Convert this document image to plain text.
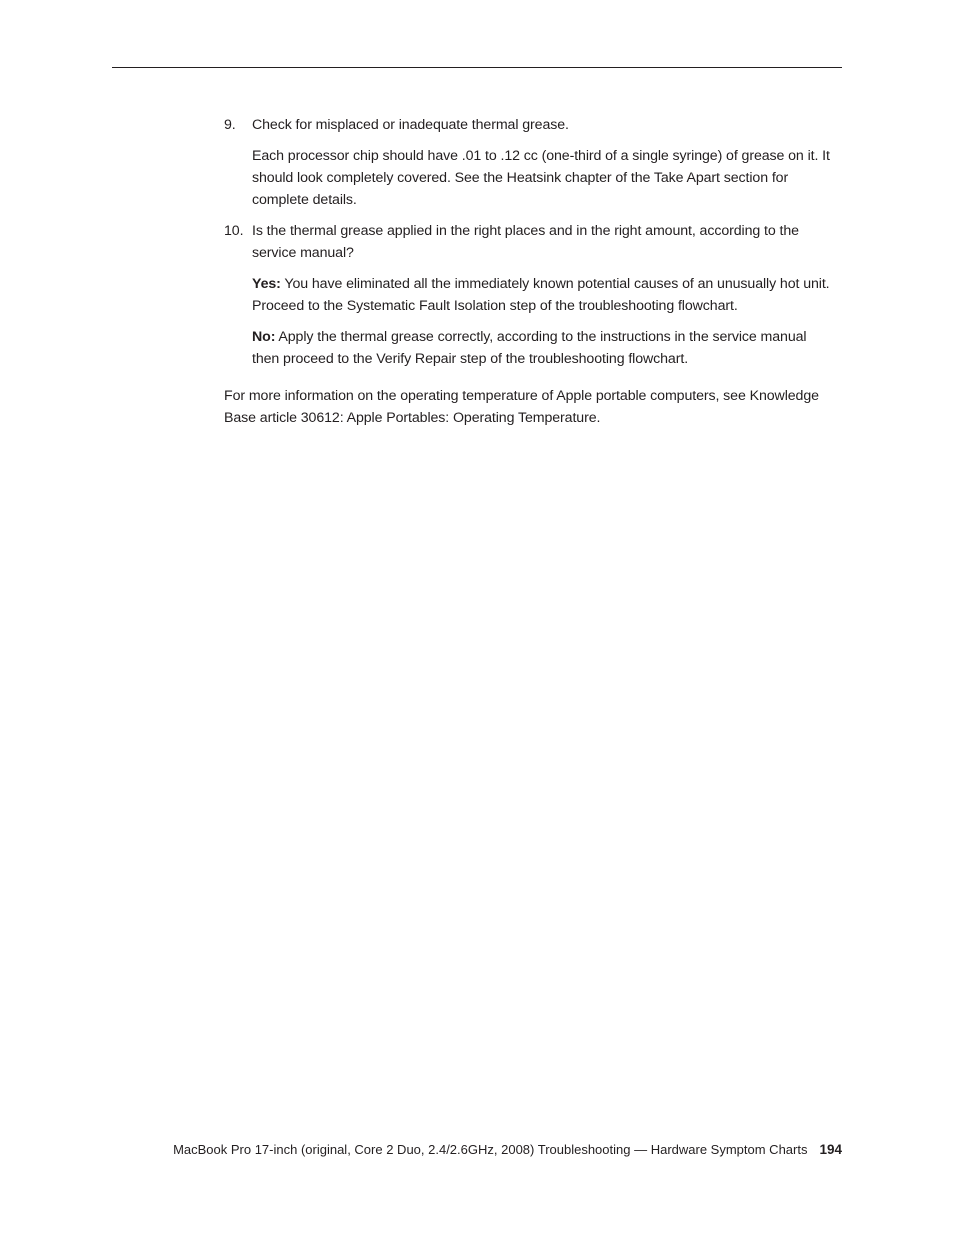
9. Check for misplaced or inadequate thermal grease.

Each processor chip should have .01 to .12 cc (one-third of a single syringe) of grease on it. It should look completely covered. See the Heatsink chapter of the Take Apart section for complete details.

10. Is the thermal grease applied in the right places and in the right amount, according to the service manual?

Yes: You have eliminated all the immediately known potential causes of an unusually hot unit. Proceed to the Systematic Fault Isolation step of the troubleshooting flowchart.

No: Apply the thermal grease correctly, according to the instructions in the service manual then proceed to the Verify Repair step of the troubleshooting flowchart.

For more information on the operating temperature of Apple portable computers, see Knowledge Base article 30612: Apple Portables: Operating Temperature.

MacBook Pro 17-inch (original, Core 2 Duo, 2.4/2.6GHz, 2008) Troubleshooting — Hardware Symptom Charts 194
